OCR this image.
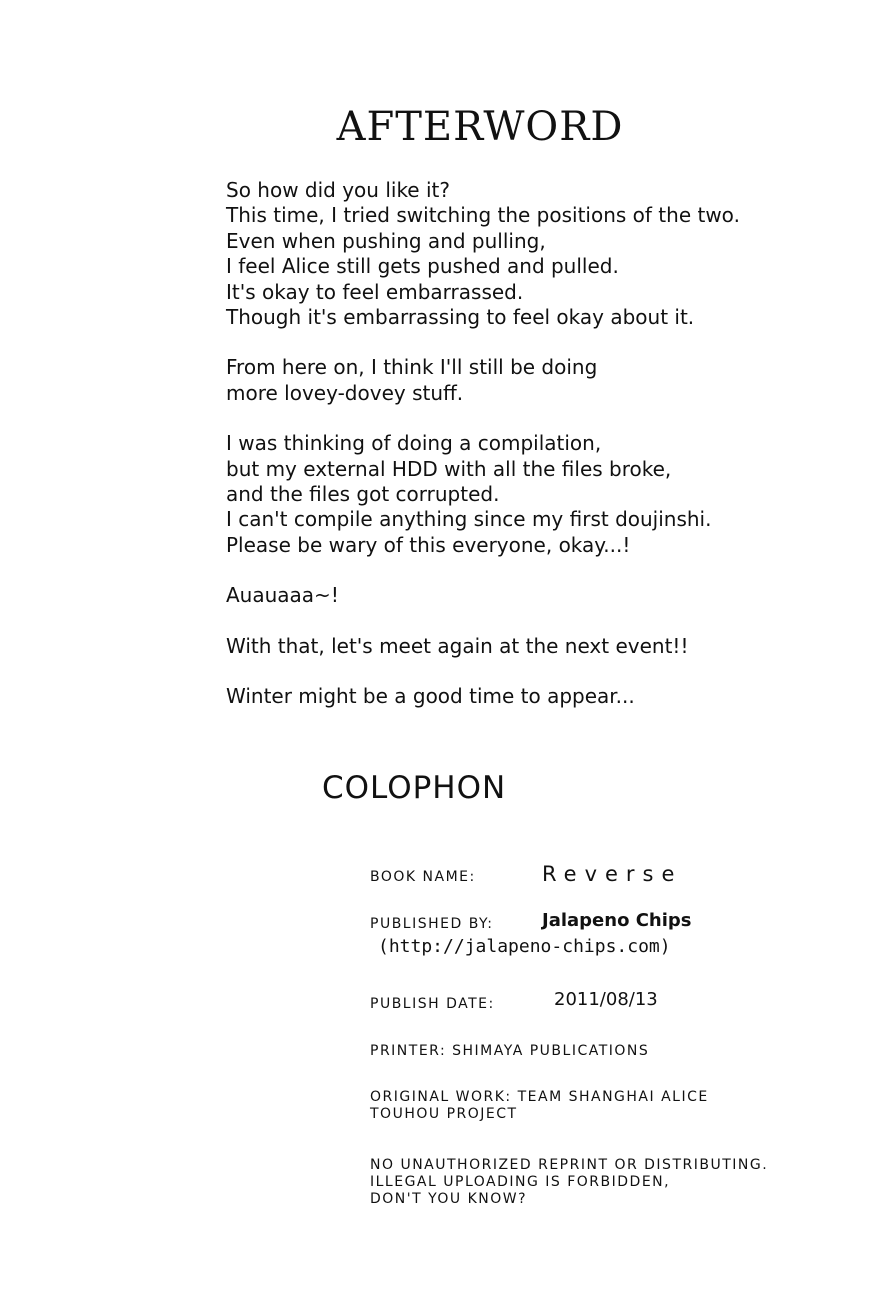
AFTERWORD

So how did you like it?
This time, I tried switching the positions of the two.
Even when pushing and pulling,
I feel Alice still gets pushed and pulled.
It's okay to feel embarrassed.
Though it's embarrassing to feel okay about it.

From here on, I think I'll still be doing
more lovey-dovey stuff.

I was thinking of doing a compilation,
but my external HDD with all the files broke,
and the files got corrupted.
I can't compile anything since my first doujinshi.
Please be wary of this everyone, okay...!

Auauaaa~!

With that, let's meet again at the next event!!

Winter might be a good time to appear...

COLOPHON
BOOK NAME:	Reverse
PUBLISHED BY:	Jalapeno Chips
(http://jalapeno-chips.com)
PUBLISH DATE:	2011/08/13
PRINTER: SHIMAYA PUBLICATIONS
ORIGINAL WORK: TEAM SHANGHAI ALICE
TOUHOU PROJECT
NO UNAUTHORIZED REPRINT OR DISTRIBUTING.
ILLEGAL UPLOADING IS FORBIDDEN,
DON'T YOU KNOW?
